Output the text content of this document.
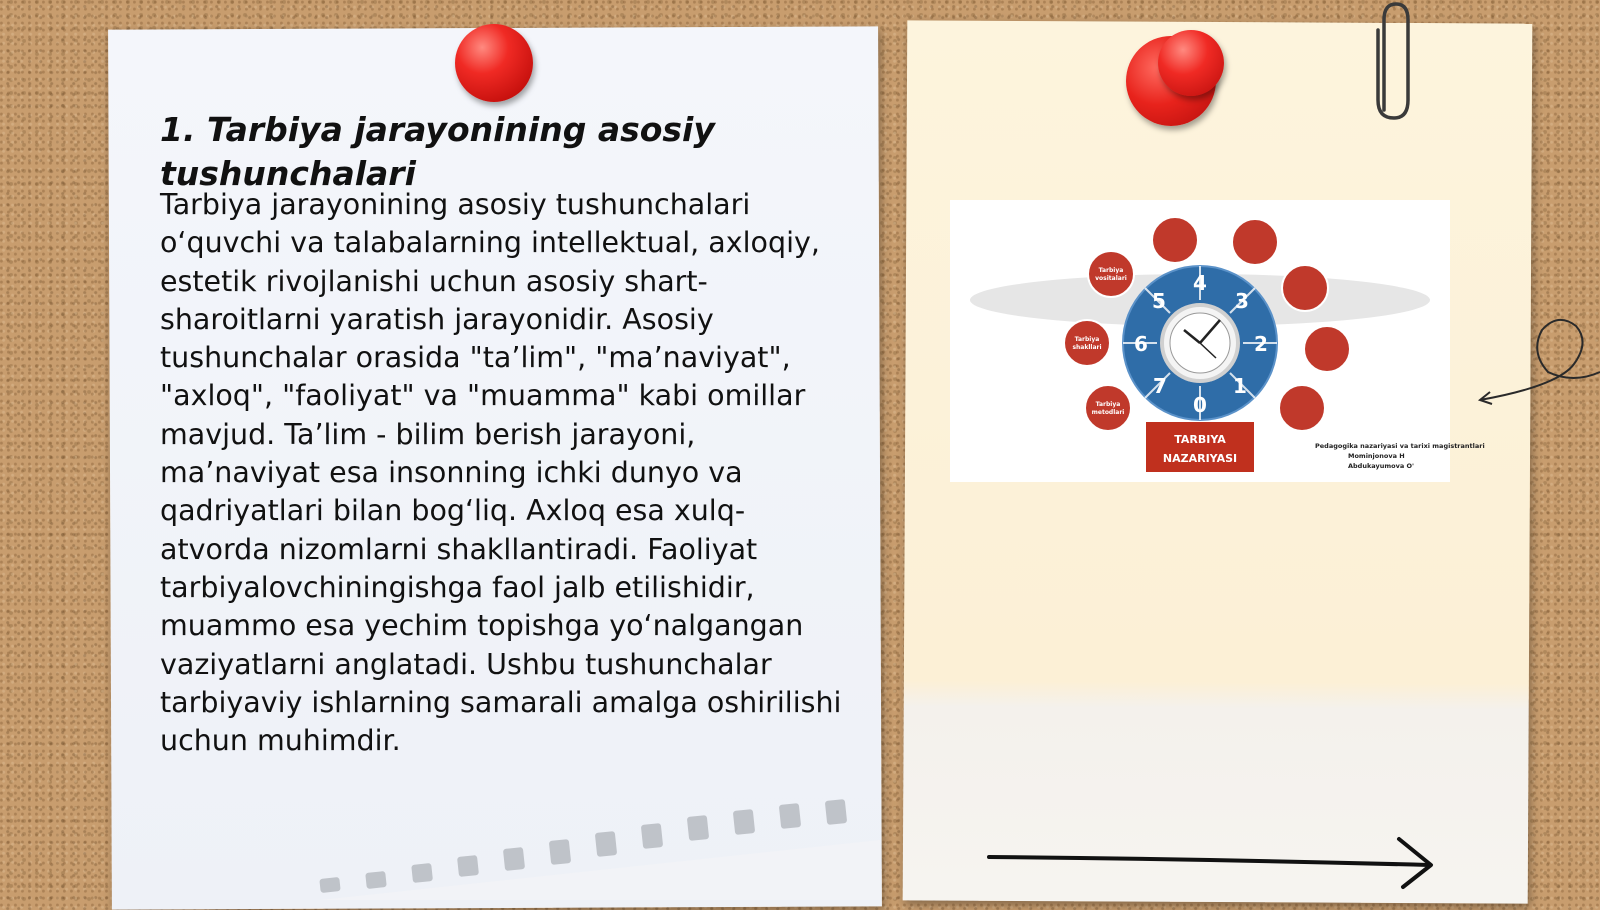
1. Tarbiya jarayonining asosiy tushunchalari

Tarbiya jarayonining asosiy tushunchalari o‘quvchi va talabalarning intellektual, axloqiy, estetik rivojlanishi uchun asosiy shart-sharoitlarni yaratish jarayonidir. Asosiy tushunchalar orasida "ta’lim", "ma’naviyat", "axloq", "faoliyat" va "muamma" kabi omillar mavjud. Ta’lim - bilim berish jarayoni, ma’naviyat esa insonning ichki dunyo va qadriyatlari bilan bog‘liq. Axloq esa xulq-atvorda nizomlarni shakllantiradi. Faoliyat tarbiyalovchiningishga faol jalb etilishidir, muammo esa yechim topishga yo‘nalgangan vaziyatlarni anglatadi. Ushbu tushunchalar tarbiyaviy ishlarning samarali amalga oshirilishi uchun muhimdir.

Tarbiya
vositalari
Tarbiya
shakllari
Tarbiya
metodlari
4
3
2
1
0
7
6
5
TARBIYA
NAZARIYASI
Pedagogika nazariyasi va tarixi magistrantlari
Mominjonova H
Abdukayumova O'
